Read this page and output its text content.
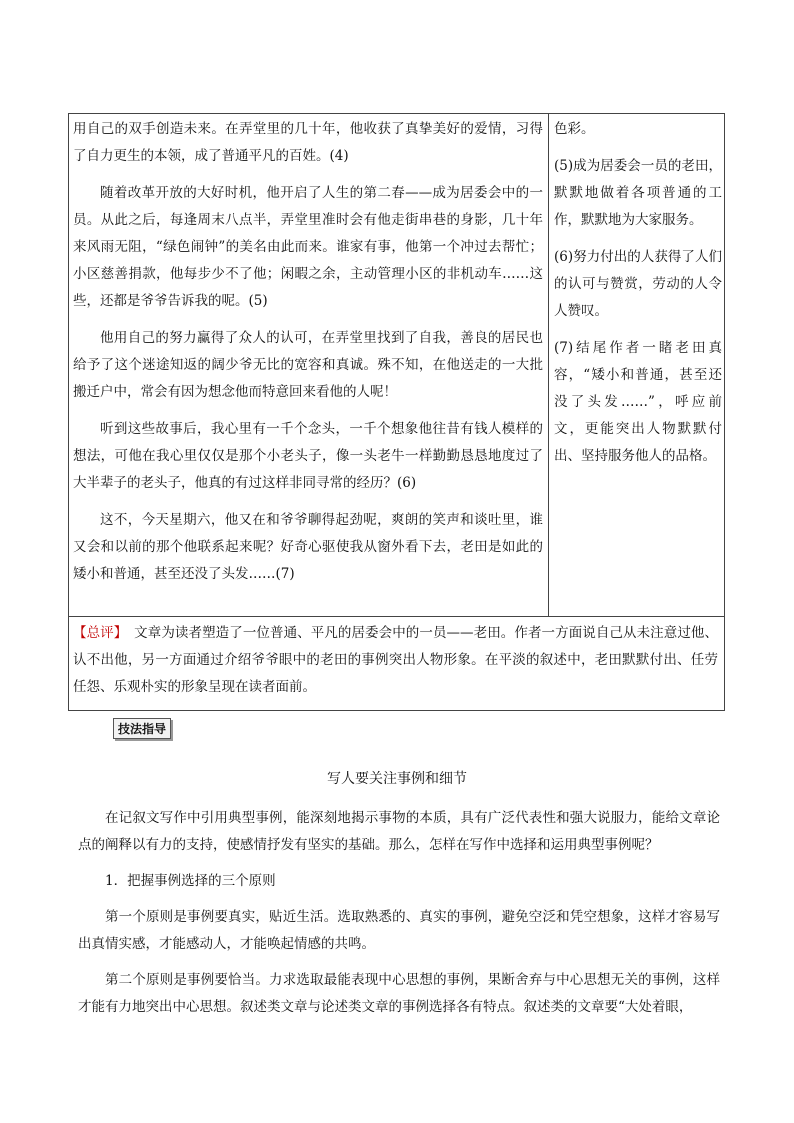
用自己的双手创造未来。在弄堂里的几十年，他收获了真挚美好的爱情，习得了自力更生的本领，成了普通平凡的百姓。(4)

随着改革开放的大好时机，他开启了人生的第二春——成为居委会中的一员。从此之后，每逢周末八点半，弄堂里准时会有他走街串巷的身影，几十年来风雨无阻，“绿色闹钟”的美名由此而来。谁家有事，他第一个冲过去帮忙；小区慈善捐款，他每步少不了他；闲暇之余，主动管理小区的非机动车……这些，还都是爷爷告诉我的呢。(5)

他用自己的努力赢得了众人的认可，在弄堂里找到了自我，善良的居民也给予了这个迷途知返的阔少爷无比的宽容和真诚。殊不知，在他送走的一大批搬迁户中，常会有因为想念他而特意回来看他的人呢！

听到这些故事后，我心里有一千个念头，一千个想象他往昔有钱人模样的想法，可他在我心里仅仅是那个小老头子，像一头老牛一样勤勤恳恳地度过了大半辈子的老头子，他真的有过这样非同寻常的经历？(6)

这不，今天星期六，他又在和爷爷聊得起劲呢，爽朗的笑声和谈吐里，谁又会和以前的那个他联系起来呢？好奇心驱使我从窗外看下去，老田是如此的矮小和普通，甚至还没了头发……(7)

色彩。

(5)成为居委会一员的老田，默默地做着各项普通的工作，默默地为大家服务。

(6)努力付出的人获得了人们的认可与赞赏，劳动的人令人赞叹。

(7)结尾作者一睹老田真容，“矮小和普通，甚至还没了头发……”，呼应前文，更能突出人物默默付出、坚持服务他人的品格。

【总评】　 文章为读者塑造了一位普通、平凡的居委会中的一员——老田。作者一方面说自己从未注意过他、认不出他，另一方面通过介绍爷爷眼中的老田的事例突出人物形象。在平淡的叙述中，老田默默付出、任劳任怨、乐观朴实的形象呈现在读者面前。

技法指导
写人要关注事例和细节

在记叙文写作中引用典型事例，能深刻地揭示事物的本质，具有广泛代表性和强大说服力，能给文章论点的阐释以有力的支持，使感情抒发有坚实的基础。那么，怎样在写作中选择和运用典型事例呢？

1．把握事例选择的三个原则

第一个原则是事例要真实，贴近生活。选取熟悉的、真实的事例，避免空泛和凭空想象，这样才容易写出真情实感，才能感动人，才能唤起情感的共鸣。

第二个原则是事例要恰当。力求选取最能表现中心思想的事例，果断舍弃与中心思想无关的事例，这样才能有力地突出中心思想。叙述类文章与论述类文章的事例选择各有特点。叙述类的文章要“大处着眼，
